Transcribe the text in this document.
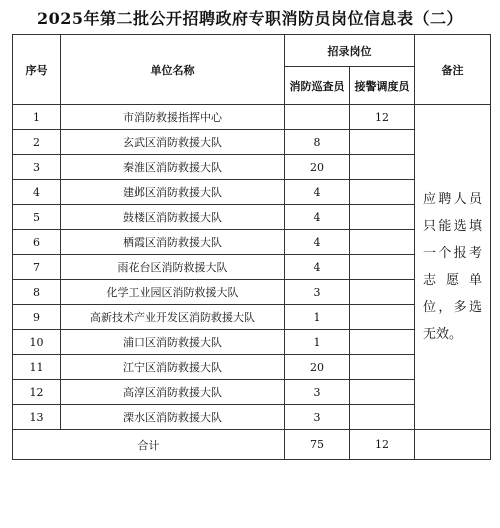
2025年第二批公开招聘政府专职消防员岗位信息表（二）
序号	单位名称	招录岗位		备注
		消防巡查员	接警调度员	
1	市消防救援指挥中心		12	应聘人员只能选填一个报考志愿单位，多选无效。
2	玄武区消防救援大队	8		
3	秦淮区消防救援大队	20		
4	建邺区消防救援大队	4		
5	鼓楼区消防救援大队	4		
6	栖霞区消防救援大队	4		
7	雨花台区消防救援大队	4		
8	化学工业园区消防救援大队	3		
9	高新技术产业开发区消防救援大队	1		
10	浦口区消防救援大队	1		
11	江宁区消防救援大队	20		
12	高淳区消防救援大队	3		
13	溧水区消防救援大队	3		
合计		75	12	
